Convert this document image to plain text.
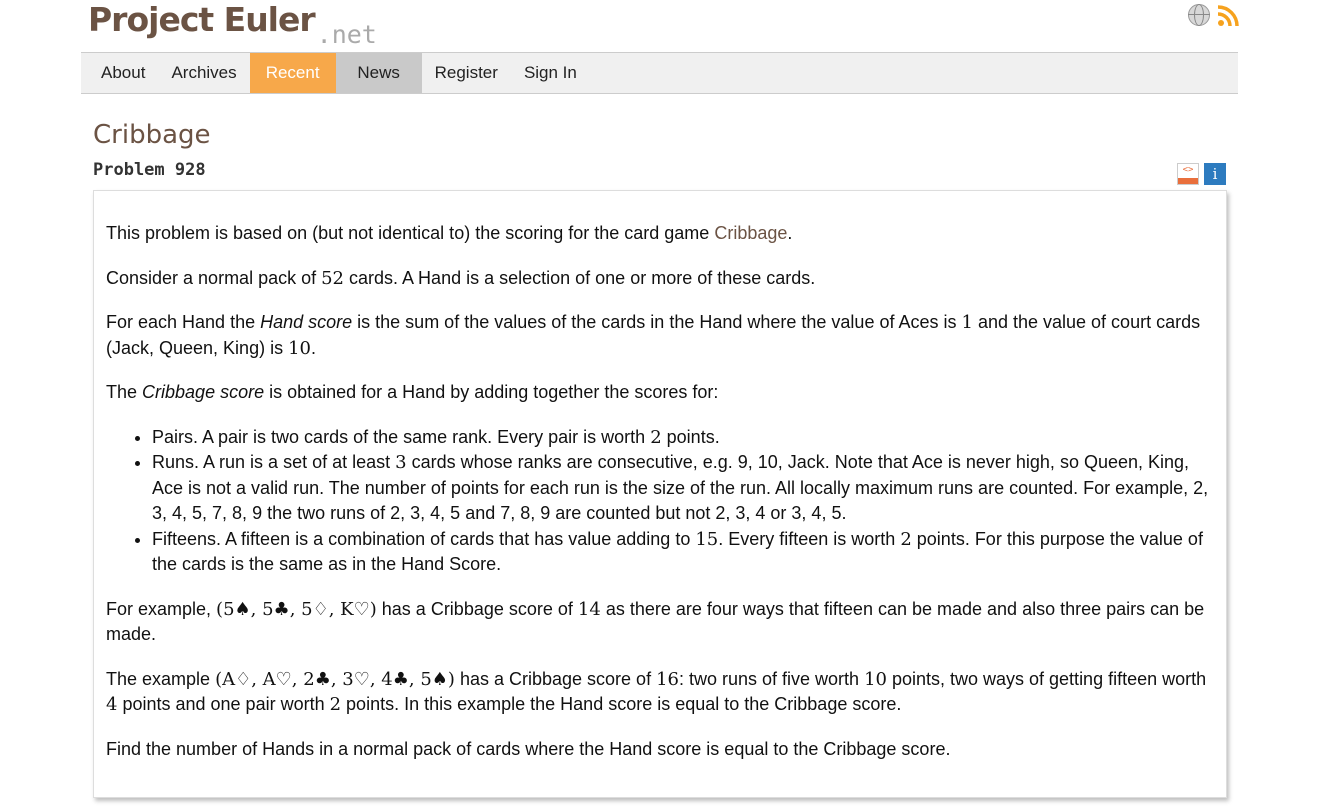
Project Euler.net
About	Archives	Recent	News	Register	Sign In
Cribbage
Problem 928	<>	i

This problem is based on (but not identical to) the scoring for the card game Cribbage.

Consider a normal pack of 52 cards. A Hand is a selection of one or more of these cards.

For each Hand the Hand score is the sum of the values of the cards in the Hand where the value of Aces is 1 and the value of court cards (Jack, Queen, King) is 10.

The Cribbage score is obtained for a Hand by adding together the scores for:

• Pairs. A pair is two cards of the same rank. Every pair is worth 2 points.
• Runs. A run is a set of at least 3 cards whose ranks are consecutive, e.g. 9, 10, Jack. Note that Ace is never high, so Queen, King, Ace is not a valid run. The number of points for each run is the size of the run. All locally maximum runs are counted. For example, 2, 3, 4, 5, 7, 8, 9 the two runs of 2, 3, 4, 5 and 7, 8, 9 are counted but not 2, 3, 4 or 3, 4, 5.
• Fifteens. A fifteen is a combination of cards that has value adding to 15. Every fifteen is worth 2 points. For this purpose the value of the cards is the same as in the Hand Score.

For example, (5♠, 5♣, 5♢, K♡) has a Cribbage score of 14 as there are four ways that fifteen can be made and also three pairs can be made.

The example (A♢, A♡, 2♣, 3♡, 4♣, 5♠) has a Cribbage score of 16: two runs of five worth 10 points, two ways of getting fifteen worth 4 points and one pair worth 2 points. In this example the Hand score is equal to the Cribbage score.

Find the number of Hands in a normal pack of cards where the Hand score is equal to the Cribbage score.
